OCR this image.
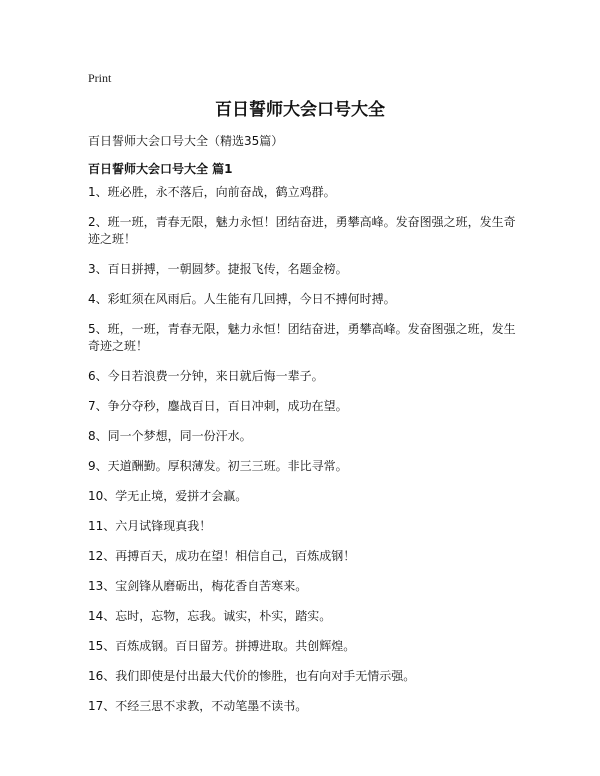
Print
百日誓师大会口号大全

百日誓师大会口号大全（精选35篇）

百日誓师大会口号大全 篇1
1、班必胜，永不落后，向前奋战，鹤立鸡群。
2、班一班，青春无限，魅力永恒！团结奋进，勇攀高峰。发奋图强之班，发生奇迹之班！
3、百日拼搏，一朝圆梦。捷报飞传，名题金榜。
4、彩虹须在风雨后。人生能有几回搏，今日不搏何时搏。
5、班，一班，青春无限，魅力永恒！团结奋进，勇攀高峰。发奋图强之班，发生奇迹之班！
6、今日若浪费一分钟，来日就后悔一辈子。
7、争分夺秒，鏖战百日，百日冲刺，成功在望。
8、同一个梦想，同一份汗水。
9、天道酬勤。厚积薄发。初三三班。非比寻常。
10、学无止境，爱拼才会赢。
11、六月试锋现真我！
12、再搏百天，成功在望！相信自己，百炼成钢！
13、宝剑锋从磨砺出，梅花香自苦寒来。
14、忘时，忘物，忘我。诚实，朴实，踏实。
15、百炼成钢。百日留芳。拼搏进取。共创辉煌。
16、我们即使是付出最大代价的惨胜，也有向对手无情示强。
17、不经三思不求教，不动笔墨不读书。
